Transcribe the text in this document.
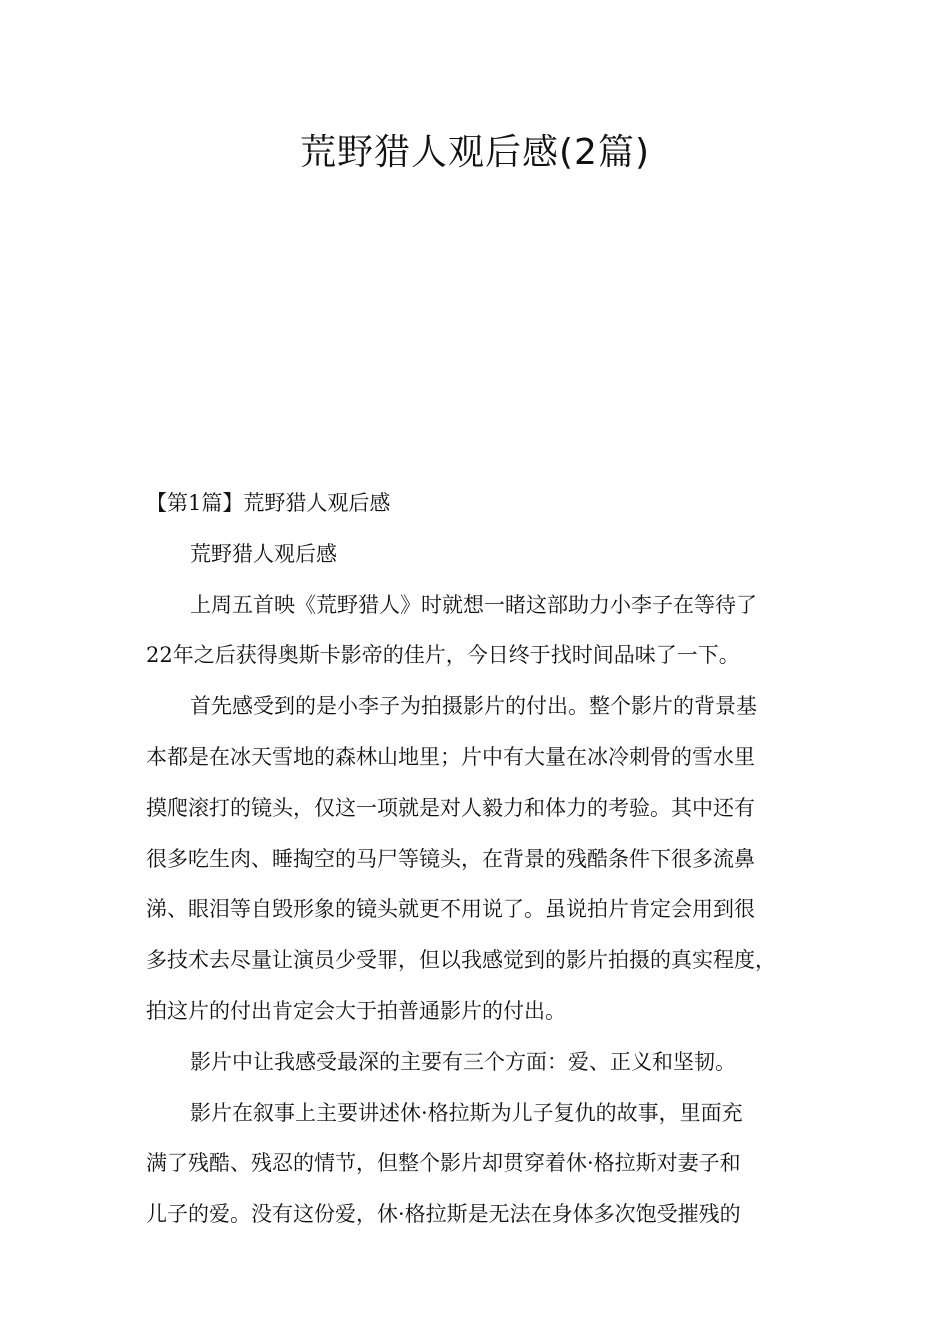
荒野猎人观后感(2篇)

【第1篇】荒野猎人观后感

荒野猎人观后感

上周五首映《荒野猎人》时就想一睹这部助力小李子在等待了

22年之后获得奥斯卡影帝的佳片，今日终于找时间品味了一下。

首先感受到的是小李子为拍摄影片的付出。整个影片的背景基

本都是在冰天雪地的森林山地里；片中有大量在冰冷刺骨的雪水里

摸爬滚打的镜头，仅这一项就是对人毅力和体力的考验。其中还有

很多吃生肉、睡掏空的马尸等镜头，在背景的残酷条件下很多流鼻

涕、眼泪等自毁形象的镜头就更不用说了。虽说拍片肯定会用到很

多技术去尽量让演员少受罪，但以我感觉到的影片拍摄的真实程度，

拍这片的付出肯定会大于拍普通影片的付出。

影片中让我感受最深的主要有三个方面：爱、正义和坚韧。

影片在叙事上主要讲述休·格拉斯为儿子复仇的故事，里面充

满了残酷、残忍的情节，但整个影片却贯穿着休·格拉斯对妻子和

儿子的爱。没有这份爱，休·格拉斯是无法在身体多次饱受摧残的
